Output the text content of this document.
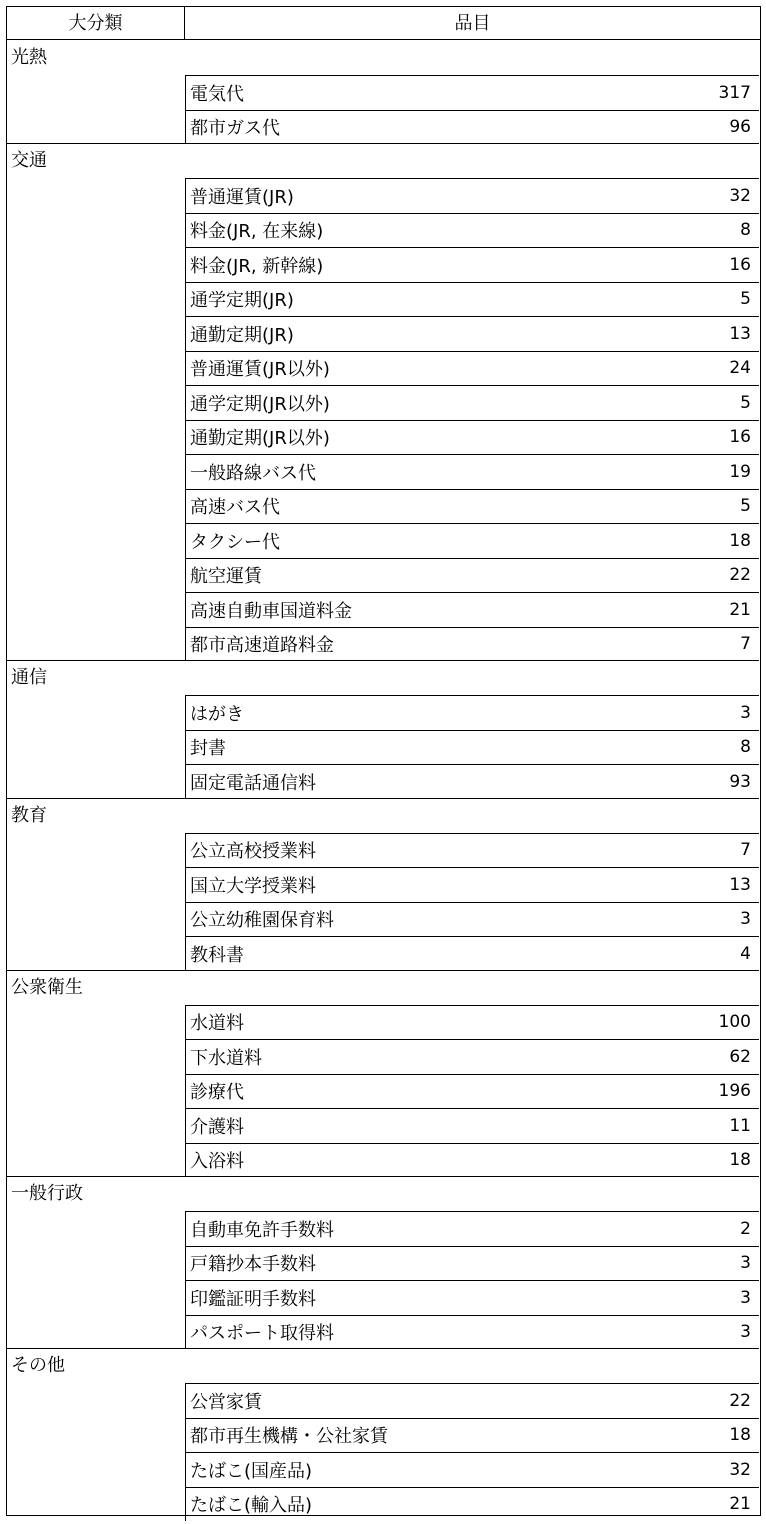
大分類	品目
光熱
電気代	317
都市ガス代	96
交通
普通運賃(JR)	32
料金(JR, 在来線)	8
料金(JR, 新幹線)	16
通学定期(JR)	5
通勤定期(JR)	13
普通運賃(JR以外)	24
通学定期(JR以外)	5
通勤定期(JR以外)	16
一般路線バス代	19
高速バス代	5
タクシー代	18
航空運賃	22
高速自動車国道料金	21
都市高速道路料金	7
通信
はがき	3
封書	8
固定電話通信料	93
教育
公立高校授業料	7
国立大学授業料	13
公立幼稚園保育料	3
教科書	4
公衆衛生
水道料	100
下水道料	62
診療代	196
介護料	11
入浴料	18
一般行政
自動車免許手数料	2
戸籍抄本手数料	3
印鑑証明手数料	3
パスポート取得料	3
その他
公営家賃	22
都市再生機構・公社家賃	18
たばこ(国産品)	32
たばこ(輸入品)	21
